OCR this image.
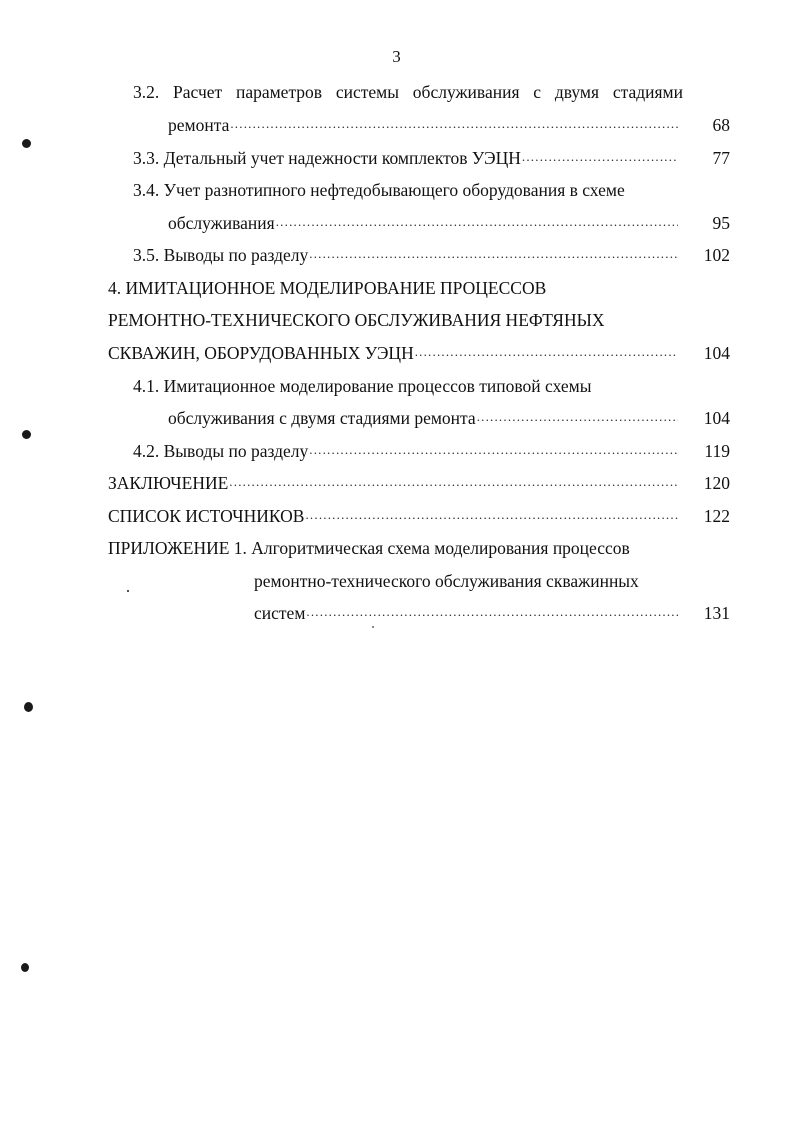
3
3.2. Расчет параметров системы обслуживания с двумя стадиями
ремонта .....	68
3.3. Детальный учет надежности комплектов УЭЦН .....	77
3.4. Учет разнотипного нефтедобывающего оборудования в схеме
обслуживания .....	95
3.5. Выводы по разделу .....	102
4. ИМИТАЦИОННОЕ МОДЕЛИРОВАНИЕ ПРОЦЕССОВ
РЕМОНТНО-ТЕХНИЧЕСКОГО ОБСЛУЖИВАНИЯ НЕФТЯНЫХ
СКВАЖИН, ОБОРУДОВАННЫХ УЭЦН .....	104
4.1. Имитационное моделирование процессов типовой схемы
обслуживания с двумя стадиями ремонта .....	104
4.2. Выводы по разделу .....	119
ЗАКЛЮЧЕНИЕ .....	120
СПИСОК ИСТОЧНИКОВ .....	122
ПРИЛОЖЕНИЕ 1. Алгоритмическая схема моделирования процессов
ремонтно-технического обслуживания скважинных
систем .....	131
